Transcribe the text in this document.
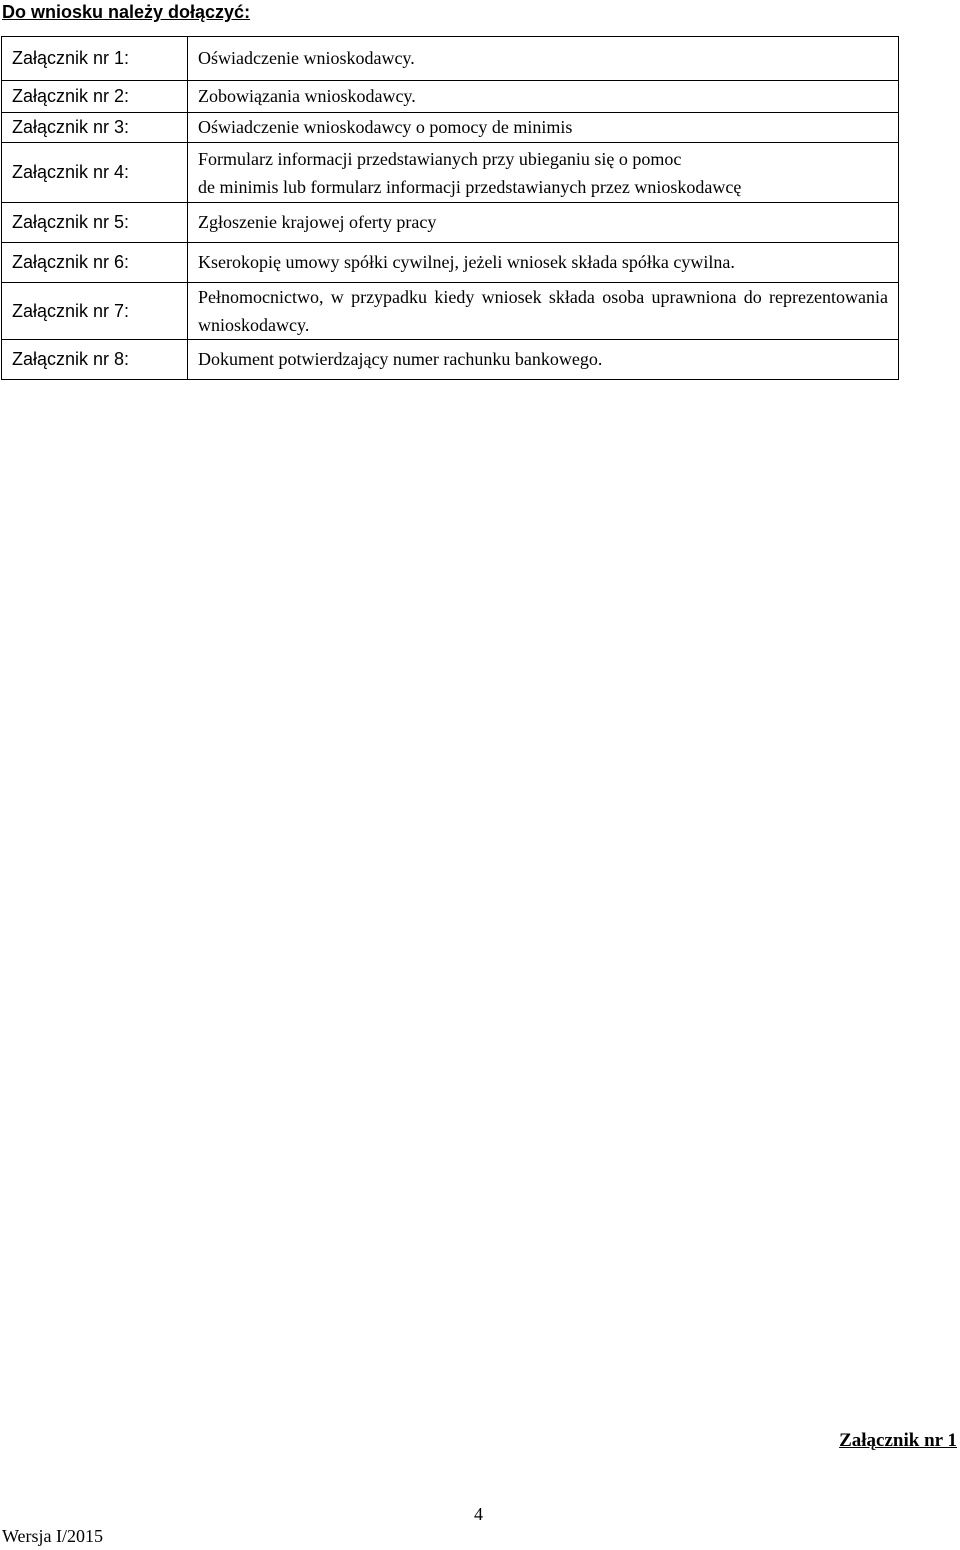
Do wniosku należy dołączyć:
Załącznik nr 1:	Oświadczenie wnioskodawcy.
Załącznik nr 2:	Zobowiązania wnioskodawcy.
Załącznik nr 3:	Oświadczenie wnioskodawcy o pomocy de minimis
Załącznik nr 4:	Formularz informacji przedstawianych przy ubieganiu się o pomoc
de minimis lub formularz informacji przedstawianych przez wnioskodawcę

Załącznik nr 5:	Zgłoszenie krajowej oferty pracy
Załącznik nr 6:	Kserokopię umowy spółki cywilnej, jeżeli wniosek składa spółka cywilna.
Załącznik nr 7:	Pełnomocnictwo, w przypadku kiedy wniosek składa osoba uprawniona do reprezentowania wnioskodawcy.
Załącznik nr 8:	Dokument potwierdzający numer rachunku bankowego.
Załącznik nr 1
4
Wersja I/2015
